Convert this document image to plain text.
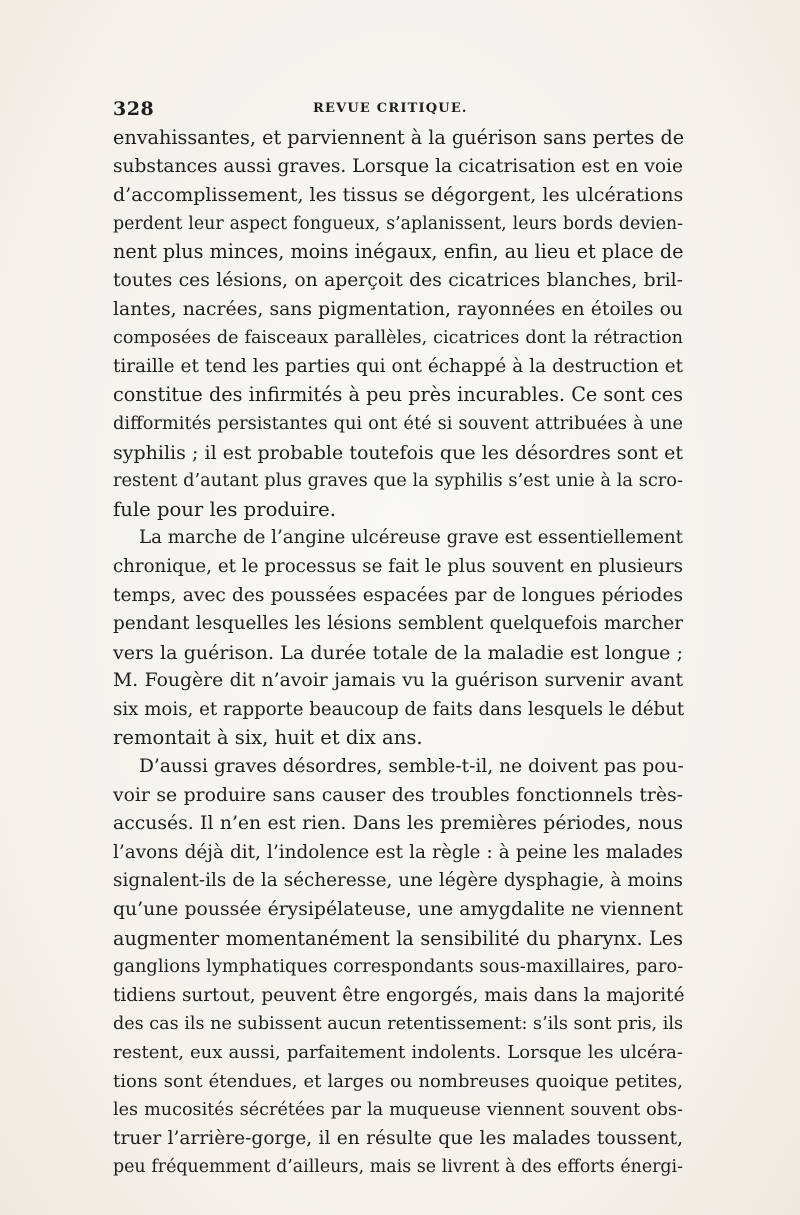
328	REVUE CRITIQUE.
envahissantes, et parviennent à la guérison sans pertes de
substances aussi graves. Lorsque la cicatrisation est en voie
d’accomplissement, les tissus se dégorgent, les ulcérations
perdent leur aspect fongueux, s’aplanissent, leurs bords devien-
nent plus minces, moins inégaux, enfin, au lieu et place de
toutes ces lésions, on aperçoit des cicatrices blanches, bril-
lantes, nacrées, sans pigmentation, rayonnées en étoiles ou
composées de faisceaux parallèles, cicatrices dont la rétraction
tiraille et tend les parties qui ont échappé à la destruction et
constitue des infirmités à peu près incurables. Ce sont ces
difformités persistantes qui ont été si souvent attribuées à une
syphilis ; il est probable toutefois que les désordres sont et
restent d’autant plus graves que la syphilis s’est unie à la scro-
fule pour les produire.
La marche de l’angine ulcéreuse grave est essentiellement
chronique, et le processus se fait le plus souvent en plusieurs
temps, avec des poussées espacées par de longues périodes
pendant lesquelles les lésions semblent quelquefois marcher
vers la guérison. La durée totale de la maladie est longue ;
M. Fougère dit n’avoir jamais vu la guérison survenir avant
six mois, et rapporte beaucoup de faits dans lesquels le début
remontait à six, huit et dix ans.
D’aussi graves désordres, semble-t-il, ne doivent pas pou-
voir se produire sans causer des troubles fonctionnels très-
accusés. Il n’en est rien. Dans les premières périodes, nous
l’avons déjà dit, l’indolence est la règle : à peine les malades
signalent-ils de la sécheresse, une légère dysphagie, à moins
qu’une poussée érysipélateuse, une amygdalite ne viennent
augmenter momentanément la sensibilité du pharynx. Les
ganglions lymphatiques correspondants sous-maxillaires, paro-
tidiens surtout, peuvent être engorgés, mais dans la majorité
des cas ils ne subissent aucun retentissement: s’ils sont pris, ils
restent, eux aussi, parfaitement indolents. Lorsque les ulcéra-
tions sont étendues, et larges ou nombreuses quoique petites,
les mucosités sécrétées par la muqueuse viennent souvent obs-
truer l’arrière-gorge, il en résulte que les malades toussent,
peu fréquemment d’ailleurs, mais se livrent à des efforts énergi-
